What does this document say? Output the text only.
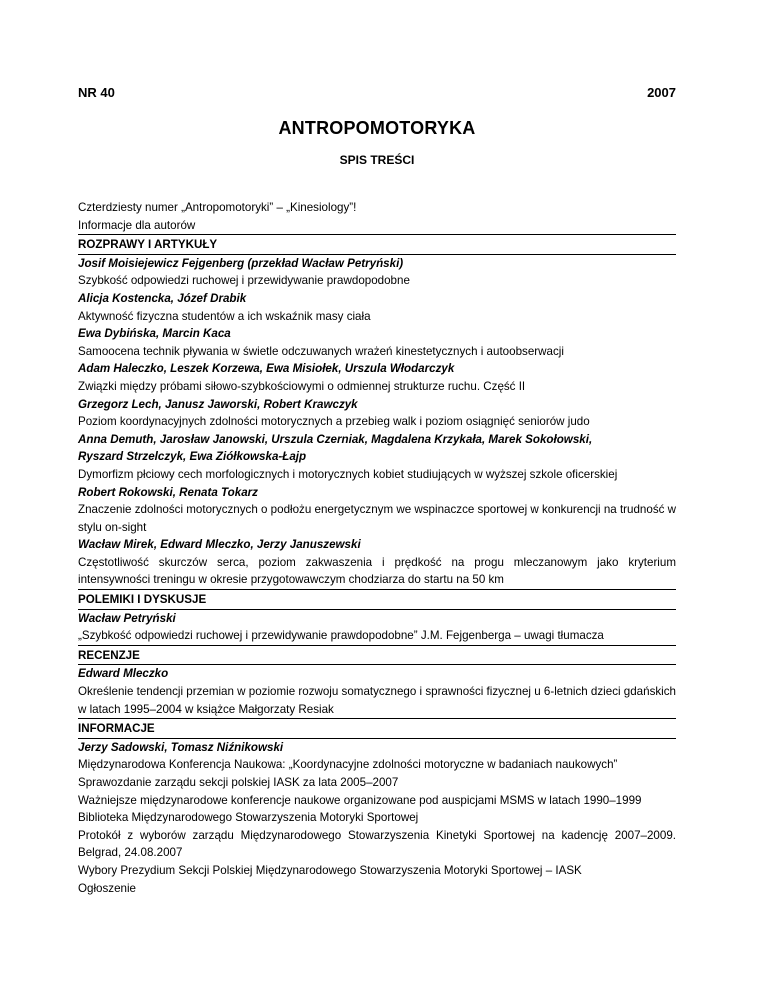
NR 40	2007
ANTROPOMOTORYKA
SPIS TREŚCI
Czterdziesty numer „Antropomotoryki” – „Kinesiology”!
Informacje dla autorów
ROZPRAWY I ARTYKUŁY
Josif Moisiejewicz Fejgenberg (przekład Wacław Petryński)
Szybkość odpowiedzi ruchowej i przewidywanie prawdopodobne
Alicja Kostencka, Józef Drabik
Aktywność fizyczna studentów a ich wskaźnik masy ciała
Ewa Dybińska, Marcin Kaca
Samoocena technik pływania w świetle odczuwanych wrażeń kinestetycznych i autoobserwacji
Adam Haleczko, Leszek Korzewa, Ewa Misiołek, Urszula Włodarczyk
Związki między próbami siłowo-szybkościowymi o odmiennej strukturze ruchu. Część II
Grzegorz Lech, Janusz Jaworski, Robert Krawczyk
Poziom koordynacyjnych zdolności motorycznych a przebieg walk i poziom osiągnięć seniorów judo
Anna Demuth, Jarosław Janowski, Urszula Czerniak, Magdalena Krzykała, Marek Sokołowski,
Ryszard Strzelczyk, Ewa Ziółkowska-Łajp
Dymorfizm płciowy cech morfologicznych i motorycznych kobiet studiujących w wyższej szkole oficerskiej
Robert Rokowski, Renata Tokarz
Znaczenie zdolności motorycznych o podłożu energetycznym we wspinaczce sportowej w konkurencji na trudność w stylu on-sight
Wacław Mirek, Edward Mleczko, Jerzy Januszewski
Częstotliwość skurczów serca, poziom zakwaszenia i prędkość na progu mleczanowym jako kryterium intensywności treningu w okresie przygotowawczym chodziarza do startu na 50 km
POLEMIKI I DYSKUSJE
Wacław Petryński
„Szybkość odpowiedzi ruchowej i przewidywanie prawdopodobne” J.M. Fejgenberga – uwagi tłumacza
RECENZJE
Edward Mleczko
Określenie tendencji przemian w poziomie rozwoju somatycznego i sprawności fizycznej u 6-letnich dzieci gdańskich w latach 1995–2004 w książce Małgorzaty Resiak
INFORMACJE
Jerzy Sadowski, Tomasz Niźnikowski
Międzynarodowa Konferencja Naukowa: „Koordynacyjne zdolności motoryczne w badaniach naukowych”
Sprawozdanie zarządu sekcji polskiej IASK za lata 2005–2007
Ważniejsze międzynarodowe konferencje naukowe organizowane pod auspicjami MSMS w latach 1990–1999
Biblioteka Międzynarodowego Stowarzyszenia Motoryki Sportowej
Protokół z wyborów zarządu Międzynarodowego Stowarzyszenia Kinetyki Sportowej na kadencję 2007–2009. Belgrad, 24.08.2007
Wybory Prezydium Sekcji Polskiej Międzynarodowego Stowarzyszenia Motoryki Sportowej – IASK
Ogłoszenie
